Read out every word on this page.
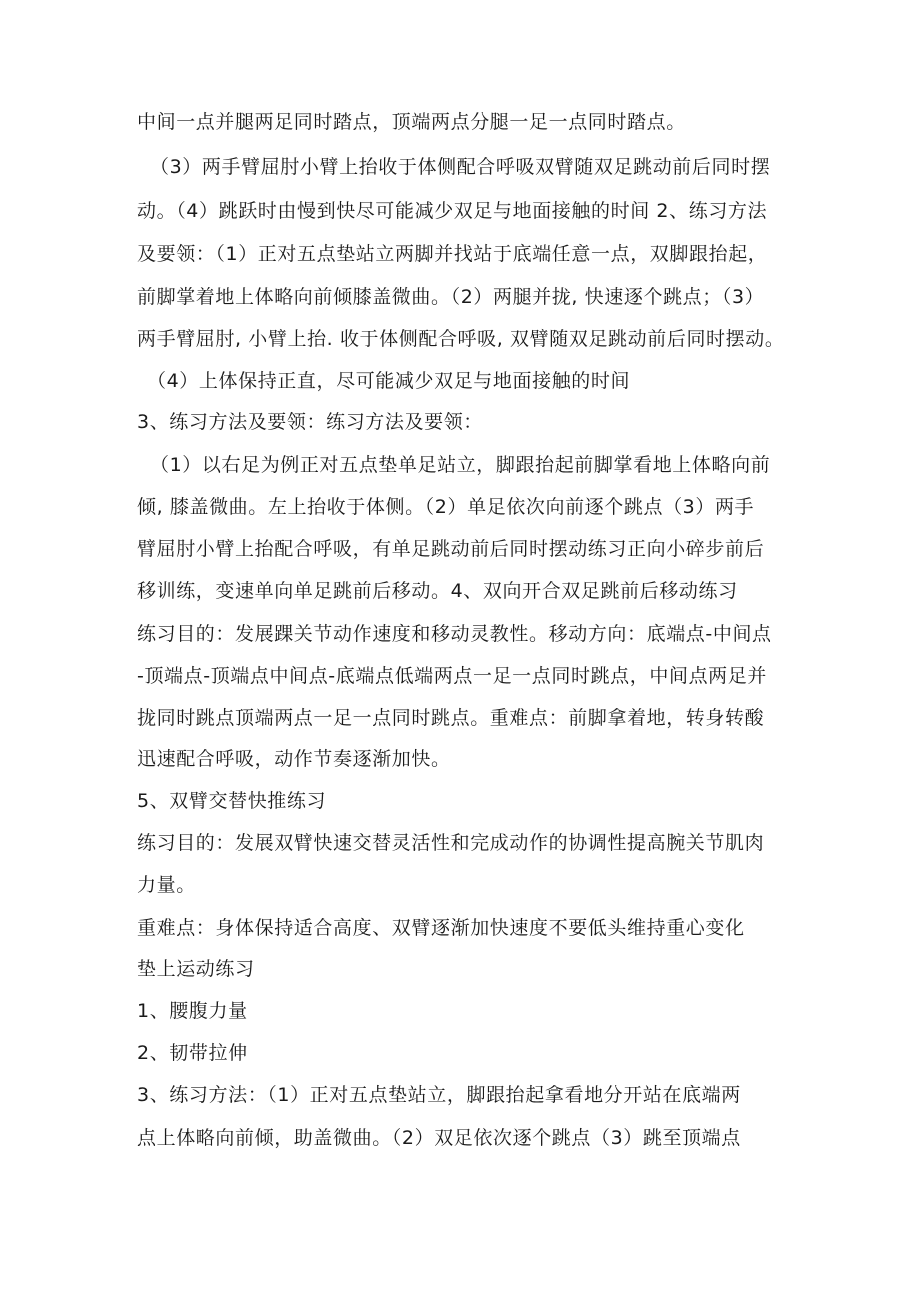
中间一点并腿两足同时踏点，顶端两点分腿一足一点同时踏点。
（3）两手臂屈肘小臂上抬收于体侧配合呼吸双臂随双足跳动前后同时摆
动。（4）跳跃时由慢到快尽可能减少双足与地面接触的时间 2、练习方法
及要领：（1）正对五点垫站立两脚并找站于底端任意一点，双脚跟抬起，
前脚掌着地上体略向前倾膝盖微曲。（2）两腿并拢, 快速逐个跳点；（3）
两手臂屈肘, 小臂上抬. 收于体侧配合呼吸, 双臂随双足跳动前后同时摆动。
（4）上体保持正直，尽可能减少双足与地面接触的时间
3、练习方法及要领：练习方法及要领：
（1）以右足为例正对五点垫单足站立，脚跟抬起前脚掌看地上体略向前
倾, 膝盖微曲。左上抬收于体侧。（2）单足依次向前逐个跳点（3）两手
臂屈肘小臂上抬配合呼吸，有单足跳动前后同时摆动练习正向小碎步前后
移训练，变速单向单足跳前后移动。4、双向开合双足跳前后移动练习
练习目的：发展踝关节动作速度和移动灵教性。移动方向：底端点-中间点
-顶端点-顶端点中间点-底端点低端两点一足一点同时跳点，中间点两足并
拢同时跳点顶端两点一足一点同时跳点。重难点：前脚拿着地，转身转酸
迅速配合呼吸，动作节奏逐渐加快。
5、双臂交替快推练习
练习目的：发展双臂快速交替灵活性和完成动作的协调性提高腕关节肌肉
力量。
重难点：身体保持适合高度、双臂逐渐加快速度不要低头维持重心变化
垫上运动练习
1、腰腹力量
2、韧带拉伸
3、练习方法：（1）正对五点垫站立，脚跟抬起拿看地分开站在底端两
点上体略向前倾，助盖微曲。（2）双足依次逐个跳点（3）跳至顶端点
